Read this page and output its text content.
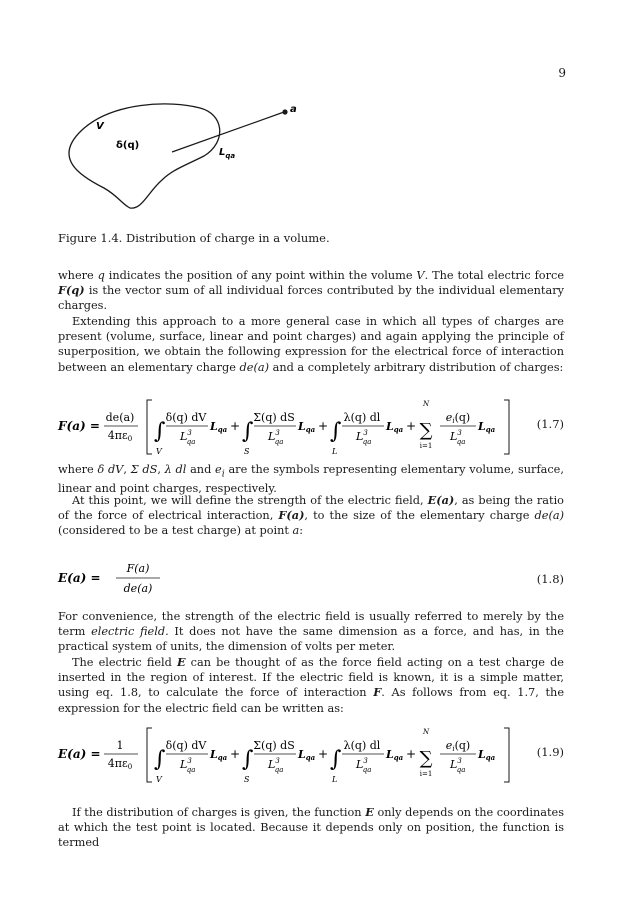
9
V
δ(q)
$L_{qa}$
a
Figure 1.4. Distribution of charge in a volume.

where q indicates the position of any point within the volume V. The total electric force F(q) is the vector sum of all individual forces contributed by the individual elementary charges.

Extending this approach to a more general case in which all types of charges are present (volume, surface, linear and point charges) and again applying the principle of superposition, we obtain the following expression for the electrical force of interaction between an elementary charge de(a) and a completely arbitrary distribution of charges:

F(a) =
de(a)
4πε0 ∫
V
δ(q) dV
$L^3$ qa
Lqa + ∫
S
Σ(q) dS
$L^3$ qa
Lqa + ∫
L
λ(q) dl
$L^3$ qa
Lqa +
N
∑
i=1
ei(q)
$L^3$ qa
Lqa	(1.7)

where δ dV, Σ dS, λ dl and $e_i$ are the symbols representing elementary volume, surface, linear and point charges, respectively.

At this point, we will define the strength of the electric field, E(a), as being the ratio of the force of electrical interaction, F(a), to the size of the elementary charge de(a) (considered to be a test charge) at point a:

E(a) =
F(a)
de(a)
(1.8)

For convenience, the strength of the electric field is usually referred to merely by the term electric field. It does not have the same dimension as a force, and has, in the practical system of units, the dimension of volts per meter.

The electric field E can be thought of as the force field acting on a test charge de inserted in the region of interest. If the electric field is known, it is a simple matter, using eq. 1.8, to calculate the force of interaction F. As follows from eq. 1.7, the expression for the electric field can be written as:

E(a) =
1
4πε0 ∫
V
δ(q) dV
$L^3$ qa
Lqa + ∫
S
Σ(q) dS
$L^3$ qa
Lqa + ∫
L
λ(q) dl
$L^3$ qa
Lqa +
N
∑
i=1
ei(q)
$L^3$ qa
Lqa	(1.9)

If the distribution of charges is given, the function E only depends on the coordinates at which the test point is located. Because it depends only on position, the function is termed
